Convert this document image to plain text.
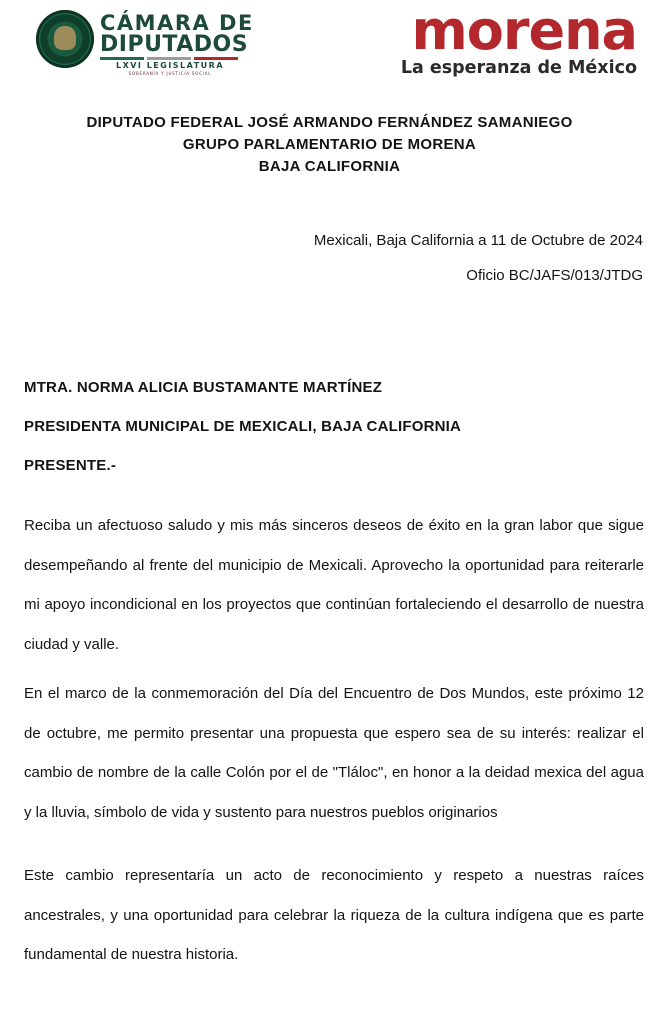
CÁMARA DE
DIPUTADOS
LXVI LEGISLATURA
SOBERANÍA Y JUSTICIA SOCIAL
morena
La esperanza de México
DIPUTADO FEDERAL JOSÉ ARMANDO FERNÁNDEZ SAMANIEGO
GRUPO PARLAMENTARIO DE MORENA
BAJA CALIFORNIA
Mexicali, Baja California a 11 de Octubre de 2024
Oficio BC/JAFS/013/JTDG
MTRA. NORMA ALICIA BUSTAMANTE MARTÍNEZ
PRESIDENTA MUNICIPAL DE MEXICALI, BAJA CALIFORNIA
PRESENTE.-
Reciba un afectuoso saludo y mis más sinceros deseos de éxito en la gran labor que sigue desempeñando al frente del municipio de Mexicali. Aprovecho la oportunidad para reiterarle mi apoyo incondicional en los proyectos que continúan fortaleciendo el desarrollo de nuestra ciudad y valle.
En el marco de la conmemoración del Día del Encuentro de Dos Mundos, este próximo 12 de octubre, me permito presentar una propuesta que espero sea de su interés: realizar el cambio de nombre de la calle Colón por el de "Tláloc", en honor a la deidad mexica del agua y la lluvia, símbolo de vida y sustento para nuestros pueblos originarios
Este cambio representaría un acto de reconocimiento y respeto a nuestras raíces ancestrales, y una oportunidad para celebrar la riqueza de la cultura indígena que es parte fundamental de nuestra historia.
